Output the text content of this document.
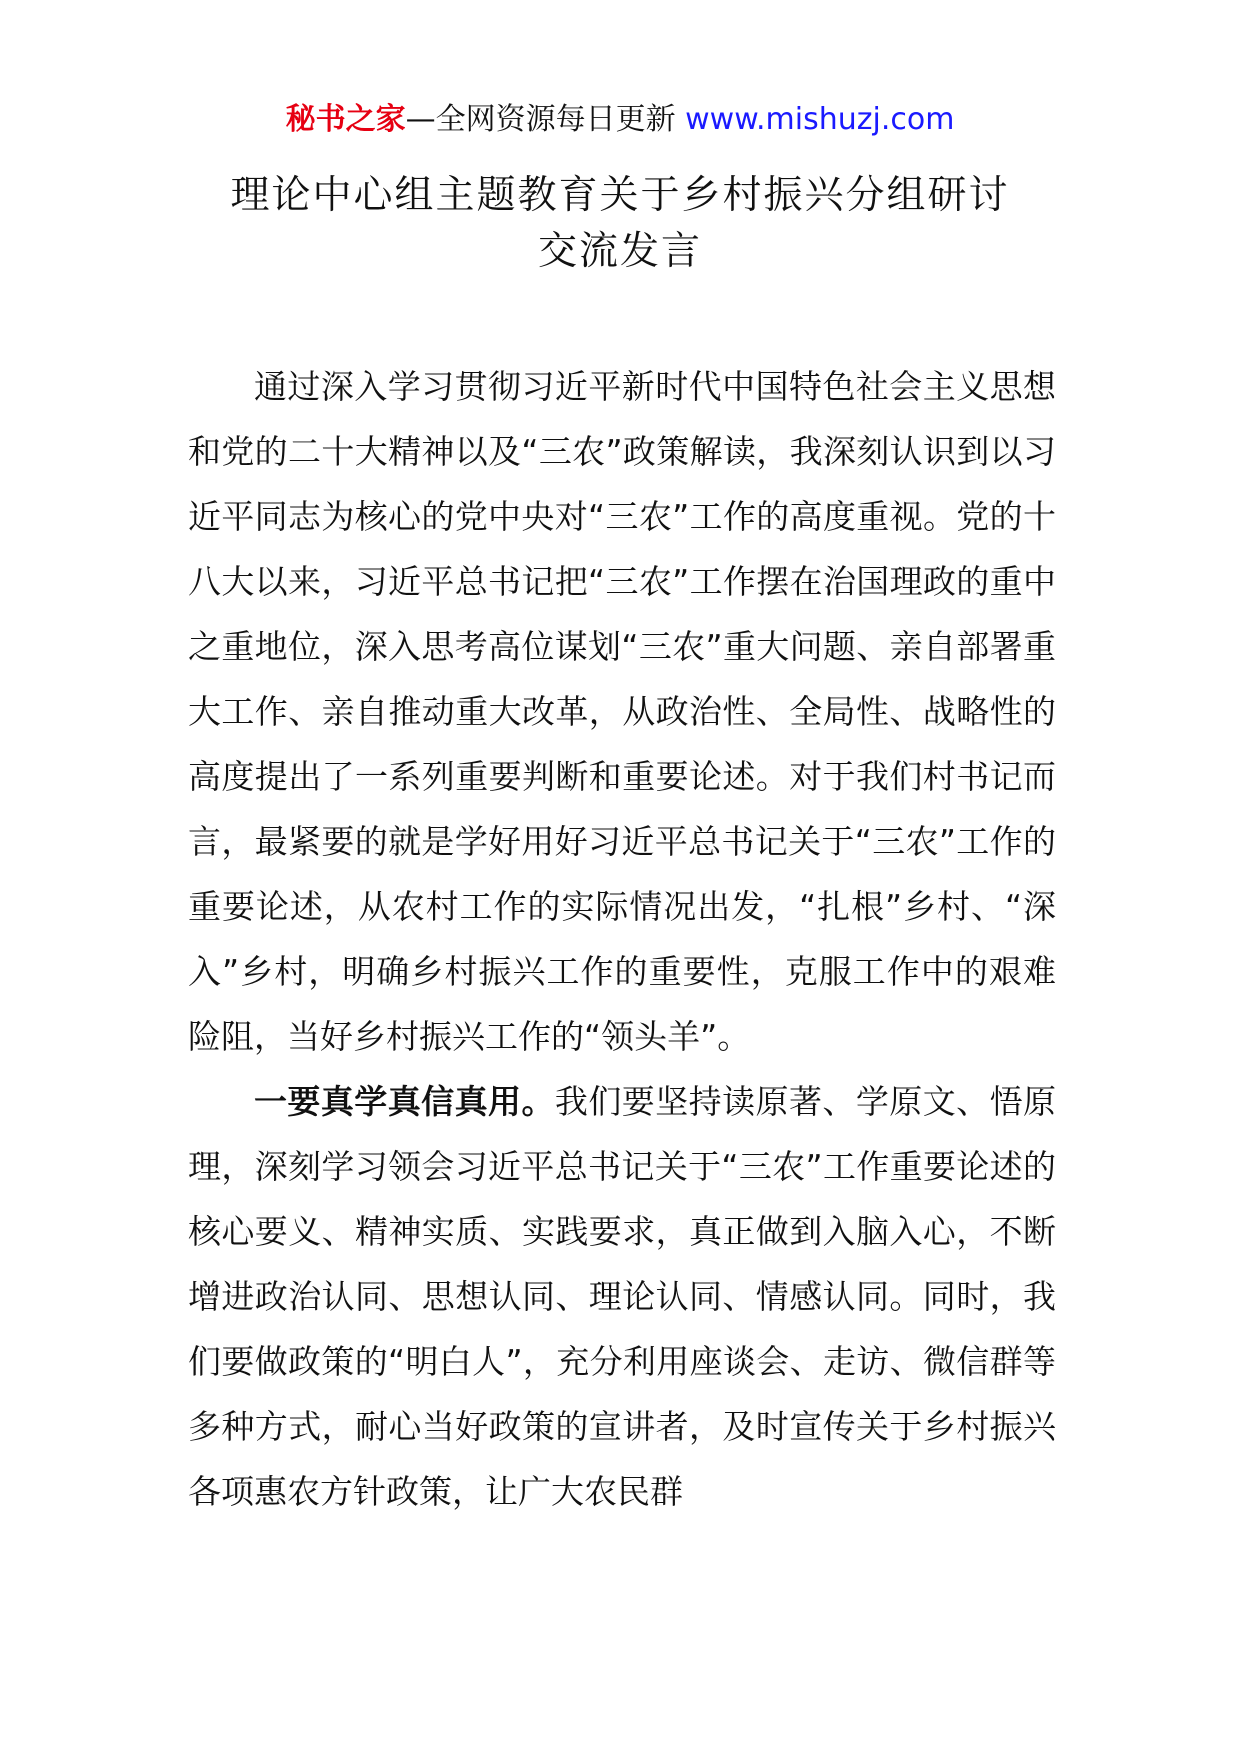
秘书之家—全网资源每日更新 www.mishuzj.com
理论中心组主题教育关于乡村振兴分组研讨
交流发言

通过深入学习贯彻习近平新时代中国特色社会主义思想和党的二十大精神以及“三农”政策解读，我深刻认识到以习近平同志为核心的党中央对“三农”工作的高度重视。党的十八大以来，习近平总书记把“三农”工作摆在治国理政的重中之重地位，深入思考高位谋划“三农”重大问题、亲自部署重大工作、亲自推动重大改革，从政治性、全局性、战略性的高度提出了一系列重要判断和重要论述。对于我们村书记而言，最紧要的就是学好用好习近平总书记关于“三农”工作的重要论述，从农村工作的实际情况出发，“扎根”乡村、“深入”乡村，明确乡村振兴工作的重要性，克服工作中的艰难险阻，当好乡村振兴工作的“领头羊”。

一要真学真信真用。我们要坚持读原著、学原文、悟原理，深刻学习领会习近平总书记关于“三农”工作重要论述的核心要义、精神实质、实践要求，真正做到入脑入心，不断增进政治认同、思想认同、理论认同、情感认同。同时，我们要做政策的“明白人”，充分利用座谈会、走访、微信群等多种方式，耐心当好政策的宣讲者，及时宣传关于乡村振兴各项惠农方针政策，让广大农民群
